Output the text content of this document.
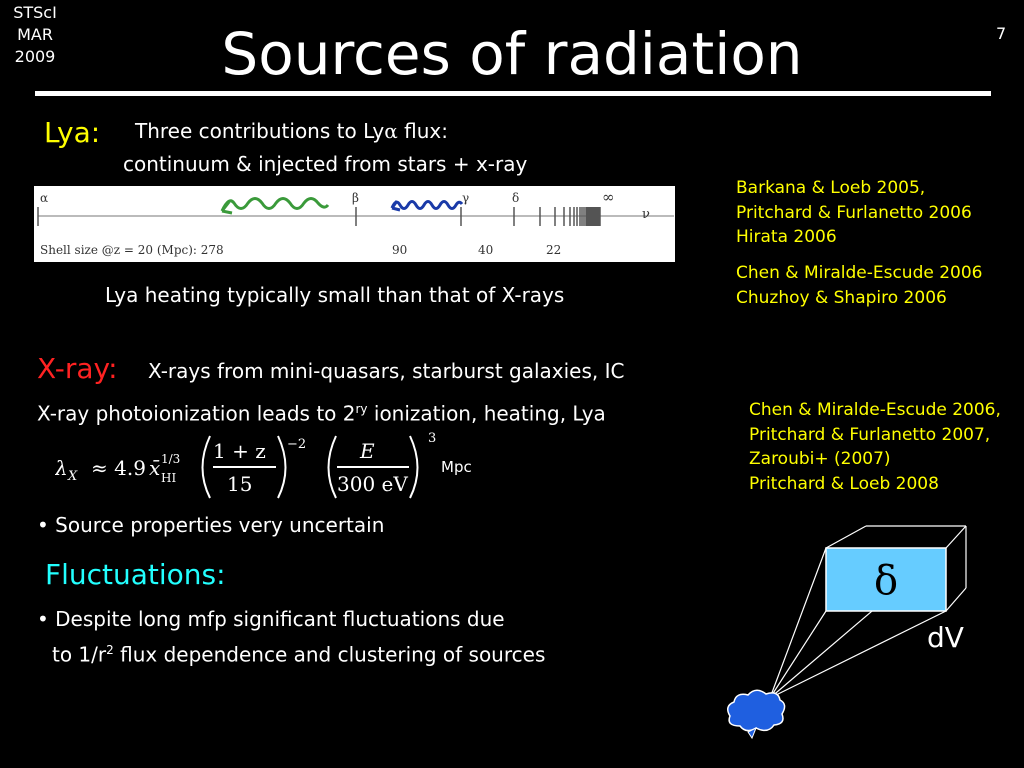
STScI
MAR
2009	Sources of radiation	7
Lya: Three contributions to Lyα flux:
continuum & injected from stars + x-ray
α	β	γ	δ	∞
ν
Shell size @z = 20 (Mpc): 278	90	40	22
Lya heating typically small than that of X-rays
Barkana & Loeb 2005,
Pritchard & Furlanetto 2006
Hirata 2006
Chen & Miralde-Escude 2006
Chuzhoy & Shapiro 2006
X-ray: X-rays from mini-quasars, starburst galaxies, IC
X-ray photoionization leads to $2^{ry}$ ionization, heating, Lya	Chen & Miralde-Escude 2006,
Pritchard & Furlanetto 2007,
Zaroubi+ (2007)
Pritchard & Loeb 2008
λ X ≈ 4.9 x̄ 1/3
HI
1 + z
15
−2	E
300 eV
3
Mpc
• Source properties very uncertain
Fluctuations:
• Despite long mfp significant fluctuations due
to $1/r^2$ flux dependence and clustering of sources
δ
dV
